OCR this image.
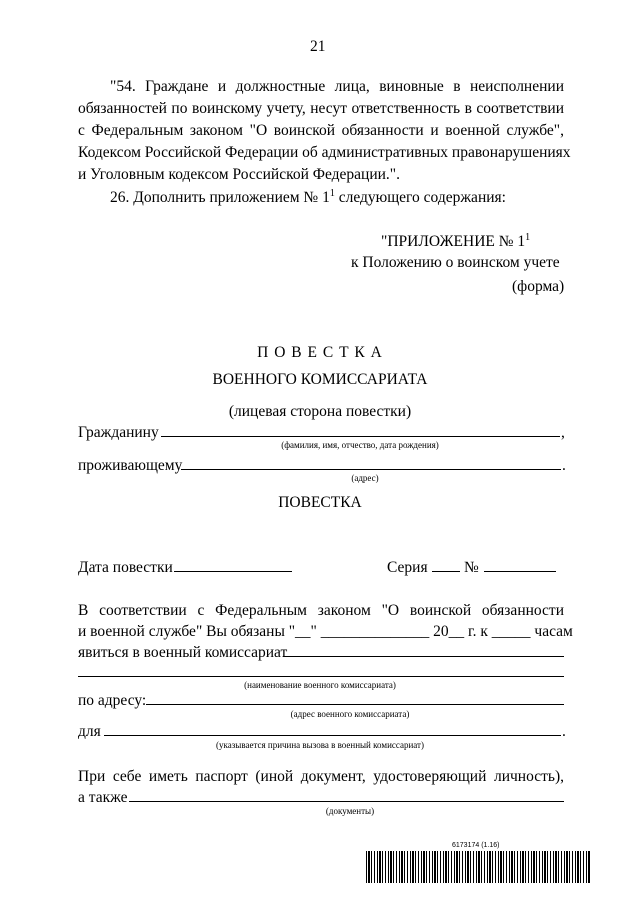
21
"54. Граждане и должностные лица, виновные в неисполнении
обязанностей по воинскому учету, несут ответственность в соответствии
с Федеральным законом "О воинской обязанности и военной службе",
Кодексом Российской Федерации об административных правонарушениях
и Уголовным кодексом Российской Федерации.".
26. Дополнить приложением № $1^1$ следующего содержания:
"ПРИЛОЖЕНИЕ № $1^1$
к Положению о воинском учете
(форма)
П О В Е С Т К А
ВОЕННОГО КОМИССАРИАТА
(лицевая сторона повестки)
Гражданину	,
(фамилия, имя, отчество, дата рождения)
проживающему	.
(адрес)
ПОВЕСТКА
Дата повестки	Серия №
В соответствии с Федеральным законом "О воинской обязанности
и военной службе" Вы обязаны "__" ______________ 20__ г. к _____ часам
явиться в военный комиссариат
(наименование военного комиссариата)
по адресу:
(адрес военного комиссариата)
для	.
(указывается причина вызова в военный комиссариат)
При себе иметь паспорт (иной документ, удостоверяющий личность),
а также
(документы)
6173174 (1.16)
